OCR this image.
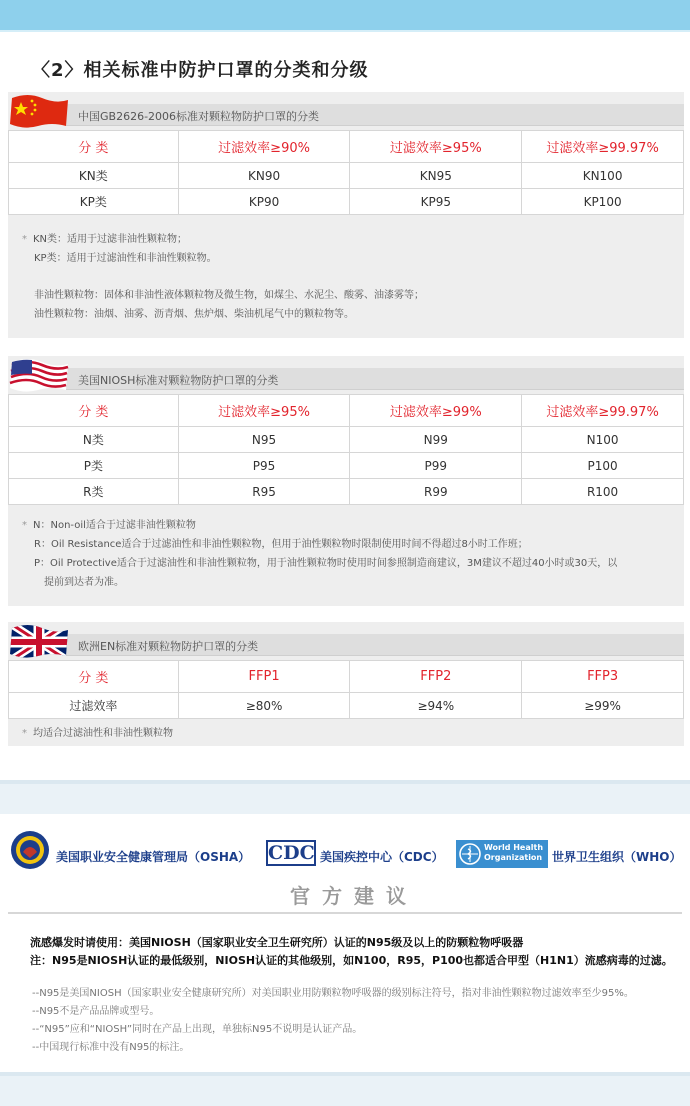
〈2〉相关标准中防护口罩的分类和分级
中国GB2626-2006标准对颗粒物防护口罩的分类
分 类	过滤效率≥90%	过滤效率≥95%	过滤效率≥99.97%
KN类	KN90	KN95	KN100
KP类	KP90	KP95	KP100
* KN类：适用于过滤非油性颗粒物；
KP类：适用于过滤油性和非油性颗粒物。
非油性颗粒物：固体和非油性液体颗粒物及微生物，如煤尘、水泥尘、酸雾、油漆雾等；
油性颗粒物：油烟、油雾、沥青烟、焦炉烟、柴油机尾气中的颗粒物等。
美国NIOSH标准对颗粒物防护口罩的分类
分 类	过滤效率≥95%	过滤效率≥99%	过滤效率≥99.97%
N类	N95	N99	N100
P类	P95	P99	P100
R类	R95	R99	R100
* N：Non-oil适合于过滤非油性颗粒物
R：Oil Resistance适合于过滤油性和非油性颗粒物，但用于油性颗粒物时限制使用时间不得超过8小时工作班；
P：Oil Protective适合于过滤油性和非油性颗粒物，用于油性颗粒物时使用时间参照制造商建议，3M建议不超过40小时或30天，以
提前到达者为准。
欧洲EN标准对颗粒物防护口罩的分类
分 类	FFP1	FFP2	FFP3
过滤效率	≥80%	≥94%	≥99%
* 均适合过滤油性和非油性颗粒物
美国职业安全健康管理局（OSHA） CDC 美国疾控中心（CDC）
World Health
Organization 世界卫生组织（WHO）
官方建议
流感爆发时请使用：美国NIOSH（国家职业安全卫生研究所）认证的N95级及以上的防颗粒物呼吸器
注：N95是NIOSH认证的最低级别，NIOSH认证的其他级别，如N100，R95，P100也都适合甲型（H1N1）流感病毒的过滤。
--N95是美国NIOSH（国家职业安全健康研究所）对美国职业用防颗粒物呼吸器的级别标注符号，指对非油性颗粒物过滤效率至少95%。
--N95不是产品品牌或型号。
--“N95”应和“NIOSH”同时在产品上出现，单独标N95不说明是认证产品。
--中国现行标准中没有N95的标注。
